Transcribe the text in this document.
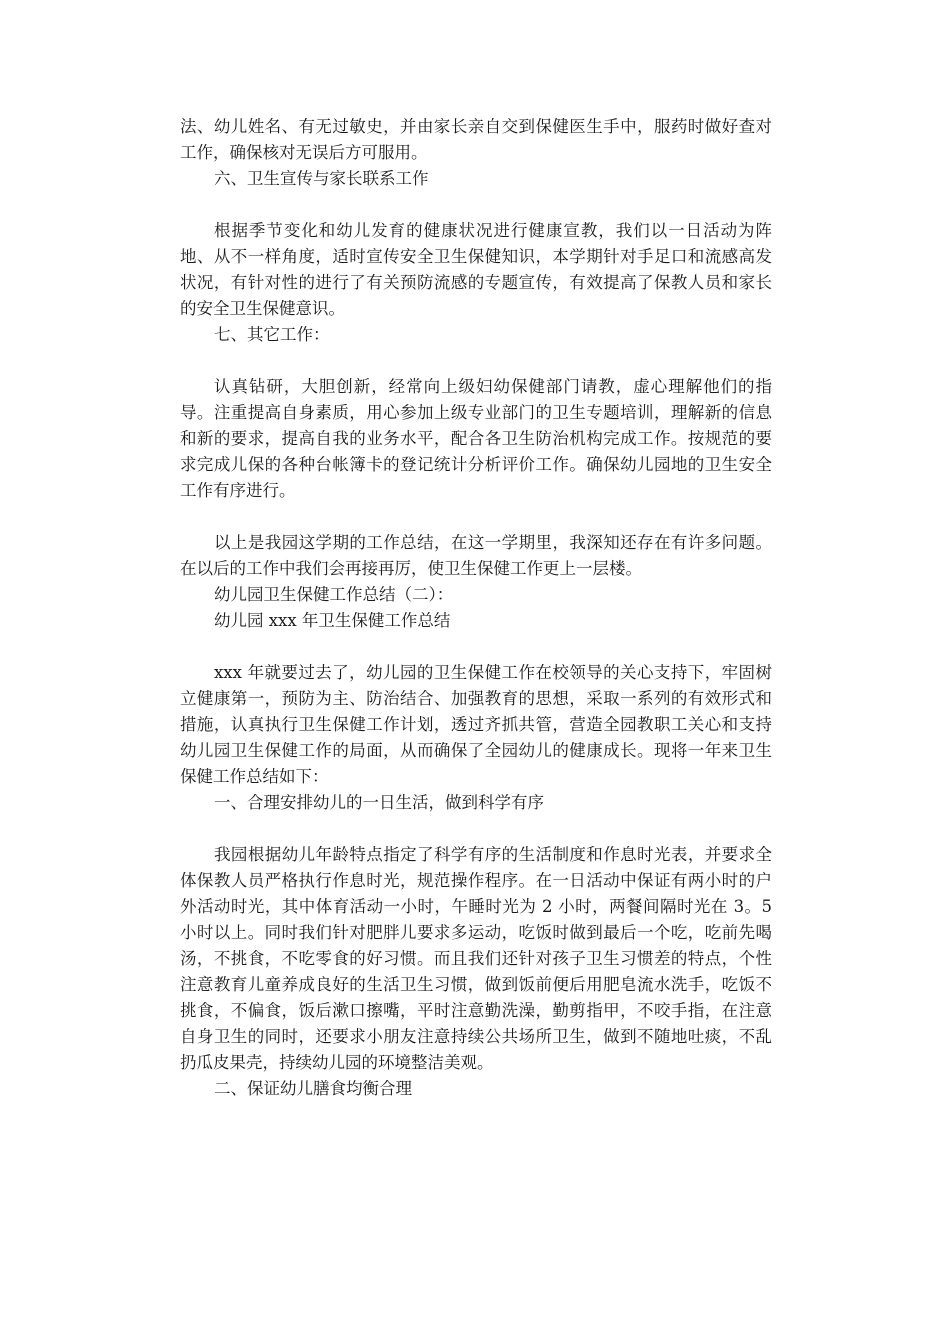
法、幼儿姓名、有无过敏史，并由家长亲自交到保健医生手中，服药时做好查对工作，确保核对无误后方可服用。

六、卫生宣传与家长联系工作

根据季节变化和幼儿发育的健康状况进行健康宣教，我们以一日活动为阵地、从不一样角度，适时宣传安全卫生保健知识，本学期针对手足口和流感高发状况，有针对性的进行了有关预防流感的专题宣传，有效提高了保教人员和家长的安全卫生保健意识。

七、其它工作：

认真钻研，大胆创新，经常向上级妇幼保健部门请教，虚心理解他们的指导。注重提高自身素质，用心参加上级专业部门的卫生专题培训，理解新的信息和新的要求，提高自我的业务水平，配合各卫生防治机构完成工作。按规范的要求完成儿保的各种台帐簿卡的登记统计分析评价工作。确保幼儿园地的卫生安全工作有序进行。

以上是我园这学期的工作总结，在这一学期里，我深知还存在有许多问题。在以后的工作中我们会再接再厉，使卫生保健工作更上一层楼。

幼儿园卫生保健工作总结（二）：

幼儿园 xxx 年卫生保健工作总结

xxx 年就要过去了，幼儿园的卫生保健工作在校领导的关心支持下，牢固树立健康第一，预防为主、防治结合、加强教育的思想，采取一系列的有效形式和措施，认真执行卫生保健工作计划，透过齐抓共管，营造全园教职工关心和支持幼儿园卫生保健工作的局面，从而确保了全园幼儿的健康成长。现将一年来卫生保健工作总结如下：

一、合理安排幼儿的一日生活，做到科学有序

我园根据幼儿年龄特点指定了科学有序的生活制度和作息时光表，并要求全体保教人员严格执行作息时光，规范操作程序。在一日活动中保证有两小时的户外活动时光，其中体育活动一小时，午睡时光为 2 小时，两餐间隔时光在 3。5 小时以上。同时我们针对肥胖儿要求多运动，吃饭时做到最后一个吃，吃前先喝汤，不挑食，不吃零食的好习惯。而且我们还针对孩子卫生习惯差的特点，个性注意教育儿童养成良好的生活卫生习惯，做到饭前便后用肥皂流水洗手，吃饭不挑食，不偏食，饭后漱口擦嘴，平时注意勤洗澡，勤剪指甲，不咬手指，在注意自身卫生的同时，还要求小朋友注意持续公共场所卫生，做到不随地吐痰，不乱扔瓜皮果壳，持续幼儿园的环境整洁美观。

二、保证幼儿膳食均衡合理
